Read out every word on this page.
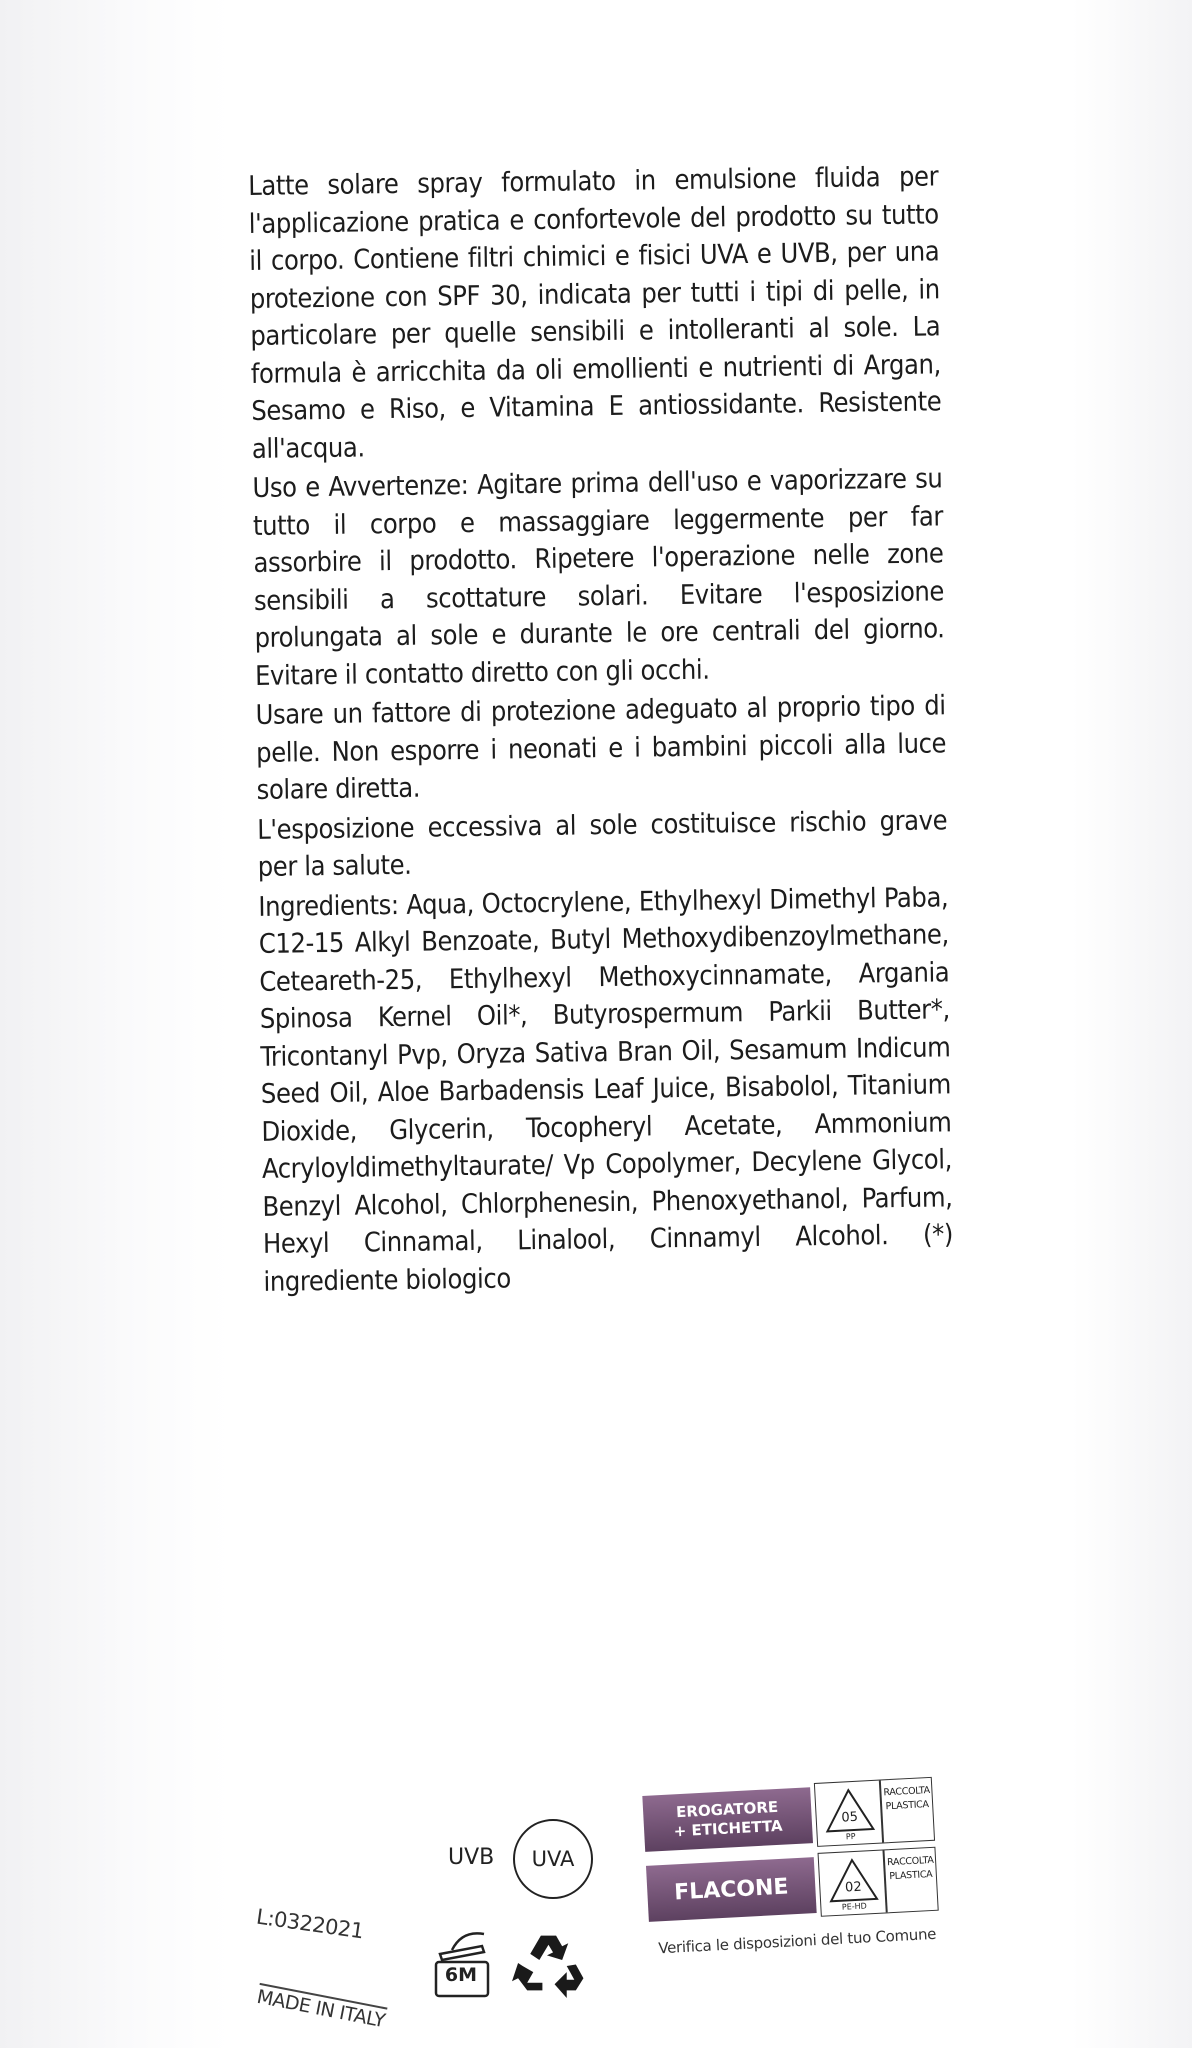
Latte solare spray formulato in emulsione fluida per l'applicazione pratica e confortevole del prodotto su tutto il corpo. Contiene filtri chimici e fisici UVA e UVB, per una protezione con SPF 30, indicata per tutti i tipi di pelle, in particolare per quelle sensibili e intolleranti al sole. La formula è arricchita da oli emollienti e nutrienti di Argan, Sesamo e Riso, e Vitamina E antiossidante. Resistente all'acqua.

Uso e Avvertenze: Agitare prima dell'uso e vaporizzare su tutto il corpo e massaggiare leggermente per far assorbire il prodotto. Ripetere l'operazione nelle zone sensibili a scottature solari. Evitare l'esposizione prolungata al sole e durante le ore centrali del giorno. Evitare il contatto diretto con gli occhi.

Usare un fattore di protezione adeguato al proprio tipo di pelle. Non esporre i neonati e i bambini piccoli alla luce solare diretta.

L'esposizione eccessiva al sole costituisce rischio grave per la salute.

Ingredients: Aqua, Octocrylene, Ethylhexyl Dimethyl Paba, C12-15 Alkyl Benzoate, Butyl Methoxydibenzoylmethane, Ceteareth-25, Ethylhexyl Methoxycinnamate, Argania Spinosa Kernel Oil*, Butyrospermum Parkii Butter*, Tricontanyl Pvp, Oryza Sativa Bran Oil, Sesamum Indicum Seed Oil, Aloe Barbadensis Leaf Juice, Bisabolol, Titanium Dioxide, Glycerin, Tocopheryl Acetate, Ammonium Acryloyldimethyltaurate/ Vp Copolymer, Decylene Glycol, Benzyl Alcohol, Chlorphenesin, Phenoxyethanol, Parfum, Hexyl Cinnamal, Linalool, Cinnamyl Alcohol. (*) ingrediente biologico

L:0322021
MADE IN ITALY
UVB UVA
6M
EROGATORE
+ ETICHETTA	05
PP
RACCOLTA
PLASTICA
FLACONE	02
PE-HD
RACCOLTA
PLASTICA
Verifica le disposizioni del tuo Comune
